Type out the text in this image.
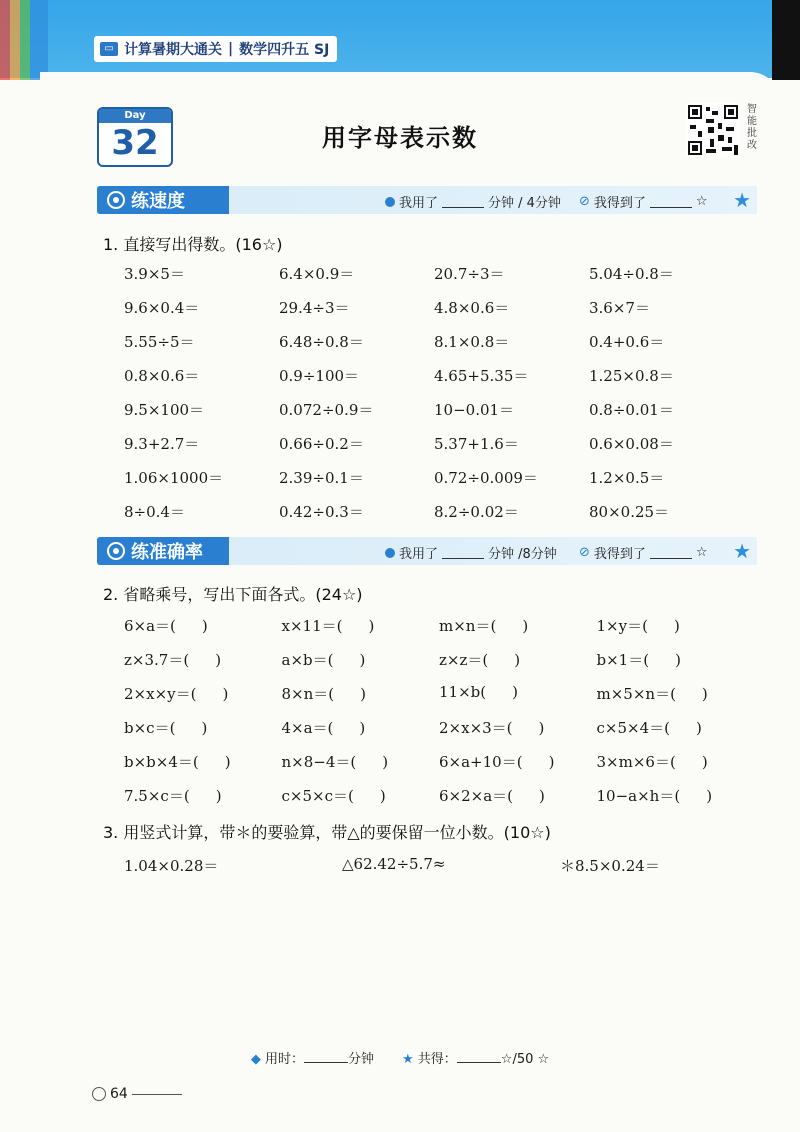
▭ 计算暑期大通关 | 数学四升五 SJ
Day
32	用字母表示数
智能批改
练速度	我用了	分钟 / 4分钟 ⊘ 我得到了	☆ ★
1. 直接写出得数。(16☆)
3.9×5＝	6.4×0.9＝	20.7÷3＝	5.04÷0.8＝
9.6×0.4＝	29.4÷3＝	4.8×0.6＝	3.6×7＝
5.55÷5＝	6.48÷0.8＝	8.1×0.8＝	0.4+0.6＝
0.8×0.6＝	0.9÷100＝	4.65+5.35＝	1.25×0.8＝
9.5×100＝	0.072÷0.9＝	10−0.01＝	0.8÷0.01＝
9.3+2.7＝	0.66÷0.2＝	5.37+1.6＝	0.6×0.08＝
1.06×1000＝	2.39÷0.1＝	0.72÷0.009＝	1.2×0.5＝
8÷0.4＝	0.42÷0.3＝	8.2÷0.02＝	80×0.25＝
练准确率	我用了	分钟 /8分钟 ⊘ 我得到了	☆ ★
2. 省略乘号，写出下面各式。(24☆)
6×a＝( )	x×11＝( )	m×n＝( )	1×y＝( )
z×3.7＝( )	a×b＝( )	z×z＝( )	b×1＝( )
2×x×y＝( )	8×n＝( )	11×b( )	m×5×n＝( )
b×c＝( )	4×a＝( )	2×x×3＝( )	c×5×4＝( )
b×b×4＝( )	n×8−4＝( )	6×a+10＝( )	3×m×6＝( )
7.5×c＝( )	c×5×c＝( )	6×2×a＝( )	10−a×h＝( )
3. 用竖式计算，带＊的要验算，带△的要保留一位小数。(10☆)
1.04×0.28＝	△62.42÷5.7≈	＊8.5×0.24＝
◆ 用时：	分钟 ★ 共得：	☆/50 ☆
64
